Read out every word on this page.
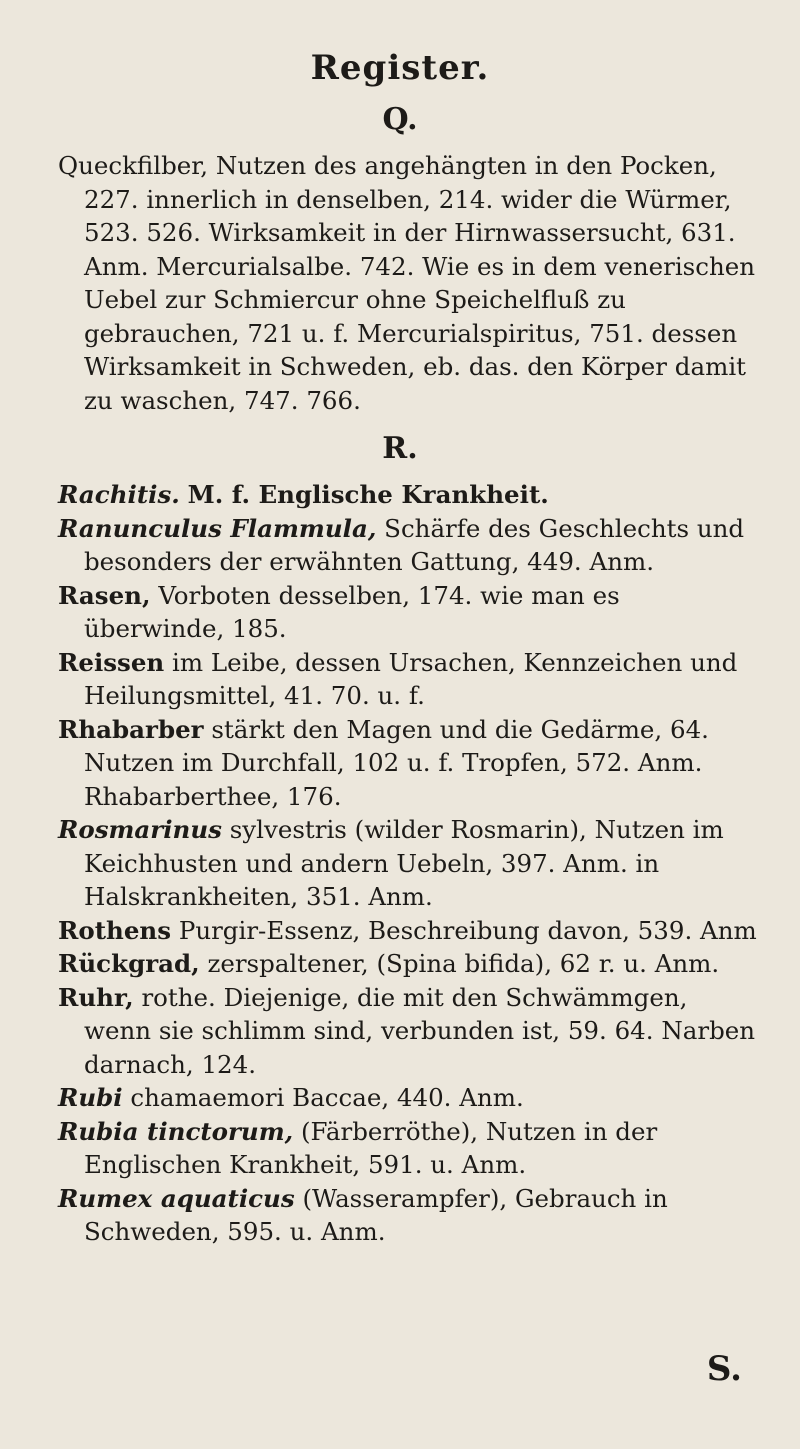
Register.
Q.

Queckfilber, Nutzen des angehängten in den Pocken, 227. innerlich in denselben, 214. wider die Würmer, 523. 526. Wirksamkeit in der Hirnwassersucht, 631. Anm. Mercurialsalbe. 742. Wie es in dem venerischen Uebel zur Schmiercur ohne Speichelfluß zu gebrauchen, 721 u. f. Mercurialspiritus, 751. dessen Wirksamkeit in Schweden, eb. das. den Körper damit zu waschen, 747. 766.

R.

Rachitis. M. f. Englische Krankheit.

Ranunculus Flammula, Schärfe des Geschlechts und besonders der erwähnten Gattung, 449. Anm.

Rasen, Vorboten desselben, 174. wie man es überwinde, 185.

Reissen im Leibe, dessen Ursachen, Kennzeichen und Heilungsmittel, 41. 70. u. f.

Rhabarber stärkt den Magen und die Gedärme, 64. Nutzen im Durchfall, 102 u. f. Tropfen, 572. Anm. Rhabarberthee, 176.

Rosmarinus sylvestris (wilder Rosmarin), Nutzen im Keichhusten und andern Uebeln, 397. Anm. in Halskrankheiten, 351. Anm.

Rothens Purgir-Essenz, Beschreibung davon, 539. Anm

Rückgrad, zerspaltener, (Spina bifida), 62 r. u. Anm.

Ruhr, rothe. Diejenige, die mit den Schwämmgen, wenn sie schlimm sind, verbunden ist, 59. 64. Narben darnach, 124.

Rubi chamaemori Baccae, 440. Anm.

Rubia tinctorum, (Färberröthe), Nutzen in der Englischen Krankheit, 591. u. Anm.

Rumex aquaticus (Wasserampfer), Gebrauch in Schweden, 595. u. Anm.

S.
